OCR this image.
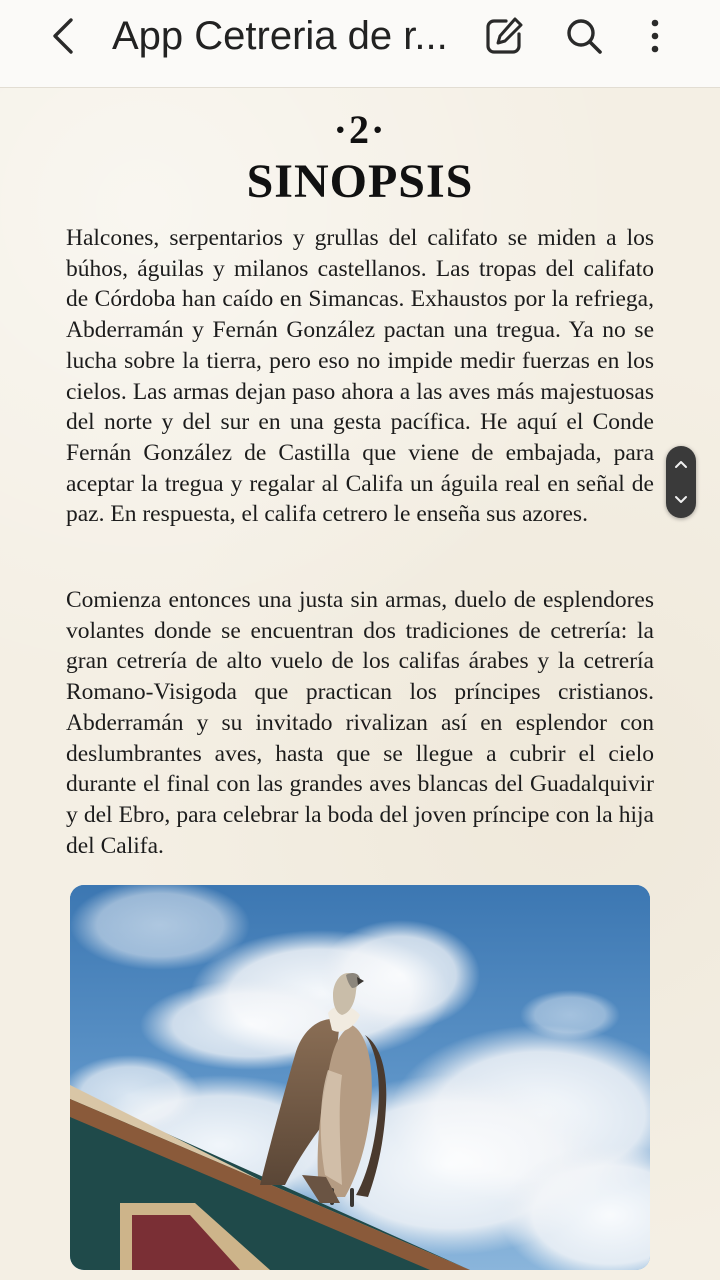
App Cetreria de r...
·2·
SINOPSIS

Halcones, serpentarios y grullas del califato se miden a los búhos, águilas y milanos castellanos. Las tropas del califato de Córdoba han caído en Simancas. Exhaustos por la refriega, Abderramán y Fernán González pactan una tregua. Ya no se lucha sobre la tierra, pero eso no impide medir fuerzas en los cielos. Las armas dejan paso ahora a las aves más majestuosas del norte y del sur en una gesta pacífica. He aquí el Conde Fernán González de Castilla que viene de embajada, para aceptar la tregua y regalar al Califa un águila real en señal de paz. En respuesta, el califa cetrero le enseña sus azores.

Comienza entonces una justa sin armas, duelo de esplendores volantes donde se encuentran dos tradiciones de cetrería: la gran cetrería de alto vuelo de los califas árabes y la cetrería Romano-Visigoda que practican los príncipes cristianos. Abderramán y su invitado rivalizan así en esplendor con deslumbrantes aves, hasta que se llegue a cubrir el cielo durante el final con las grandes aves blancas del Guadalquivir y del Ebro, para celebrar la boda del joven príncipe con la hija del Califa.
